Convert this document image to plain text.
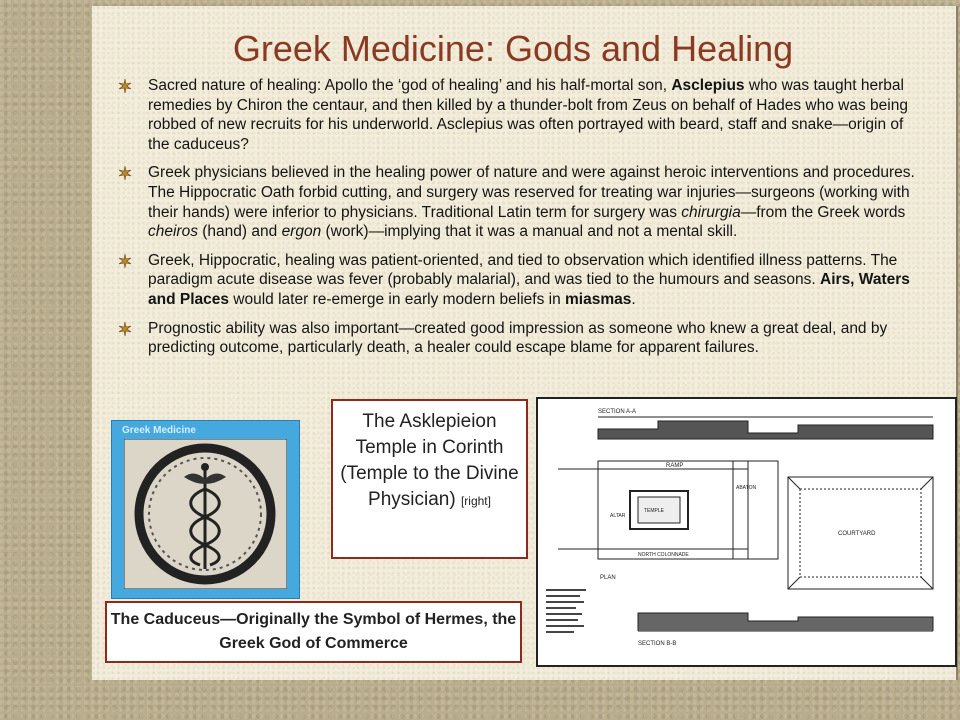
Greek Medicine: Gods and Healing
Sacred nature of healing: Apollo the ‘god of healing’ and his half-mortal son, Asclepius who was taught herbal remedies by Chiron the centaur, and then killed by a thunder-bolt from Zeus on behalf of Hades who was being robbed of new recruits for his underworld. Asclepius was often portrayed with beard, staff and snake—origin of the caduceus?
Greek physicians believed in the healing power of nature and were against heroic interventions and procedures. The Hippocratic Oath forbid cutting, and surgery was reserved for treating war injuries—surgeons (working with their hands) were inferior to physicians. Traditional Latin term for surgery was chirurgia—from the Greek words cheiros (hand) and ergon (work)—implying that it was a manual and not a mental skill.
Greek, Hippocratic, healing was patient-oriented, and tied to observation which identified illness patterns. The paradigm acute disease was fever (probably malarial), and was tied to the humours and seasons. Airs, Waters and Places would later re-emerge in early modern beliefs in miasmas.
Prognostic ability was also important—created good impression as someone who knew a great deal, and by predicting outcome, particularly death, a healer could escape blame for apparent failures.
Greek Medicine	The Asklepieion Temple in Corinth (Temple to the Divine Physician) [right]
The Caduceus—Originally the Symbol of Hermes, the Greek God of Commerce
SECTION A-A
RAMP
TEMPLE
ABATON
COURTYARD
ALTAR
NORTH COLONNADE
PLAN
SECTION B-B
